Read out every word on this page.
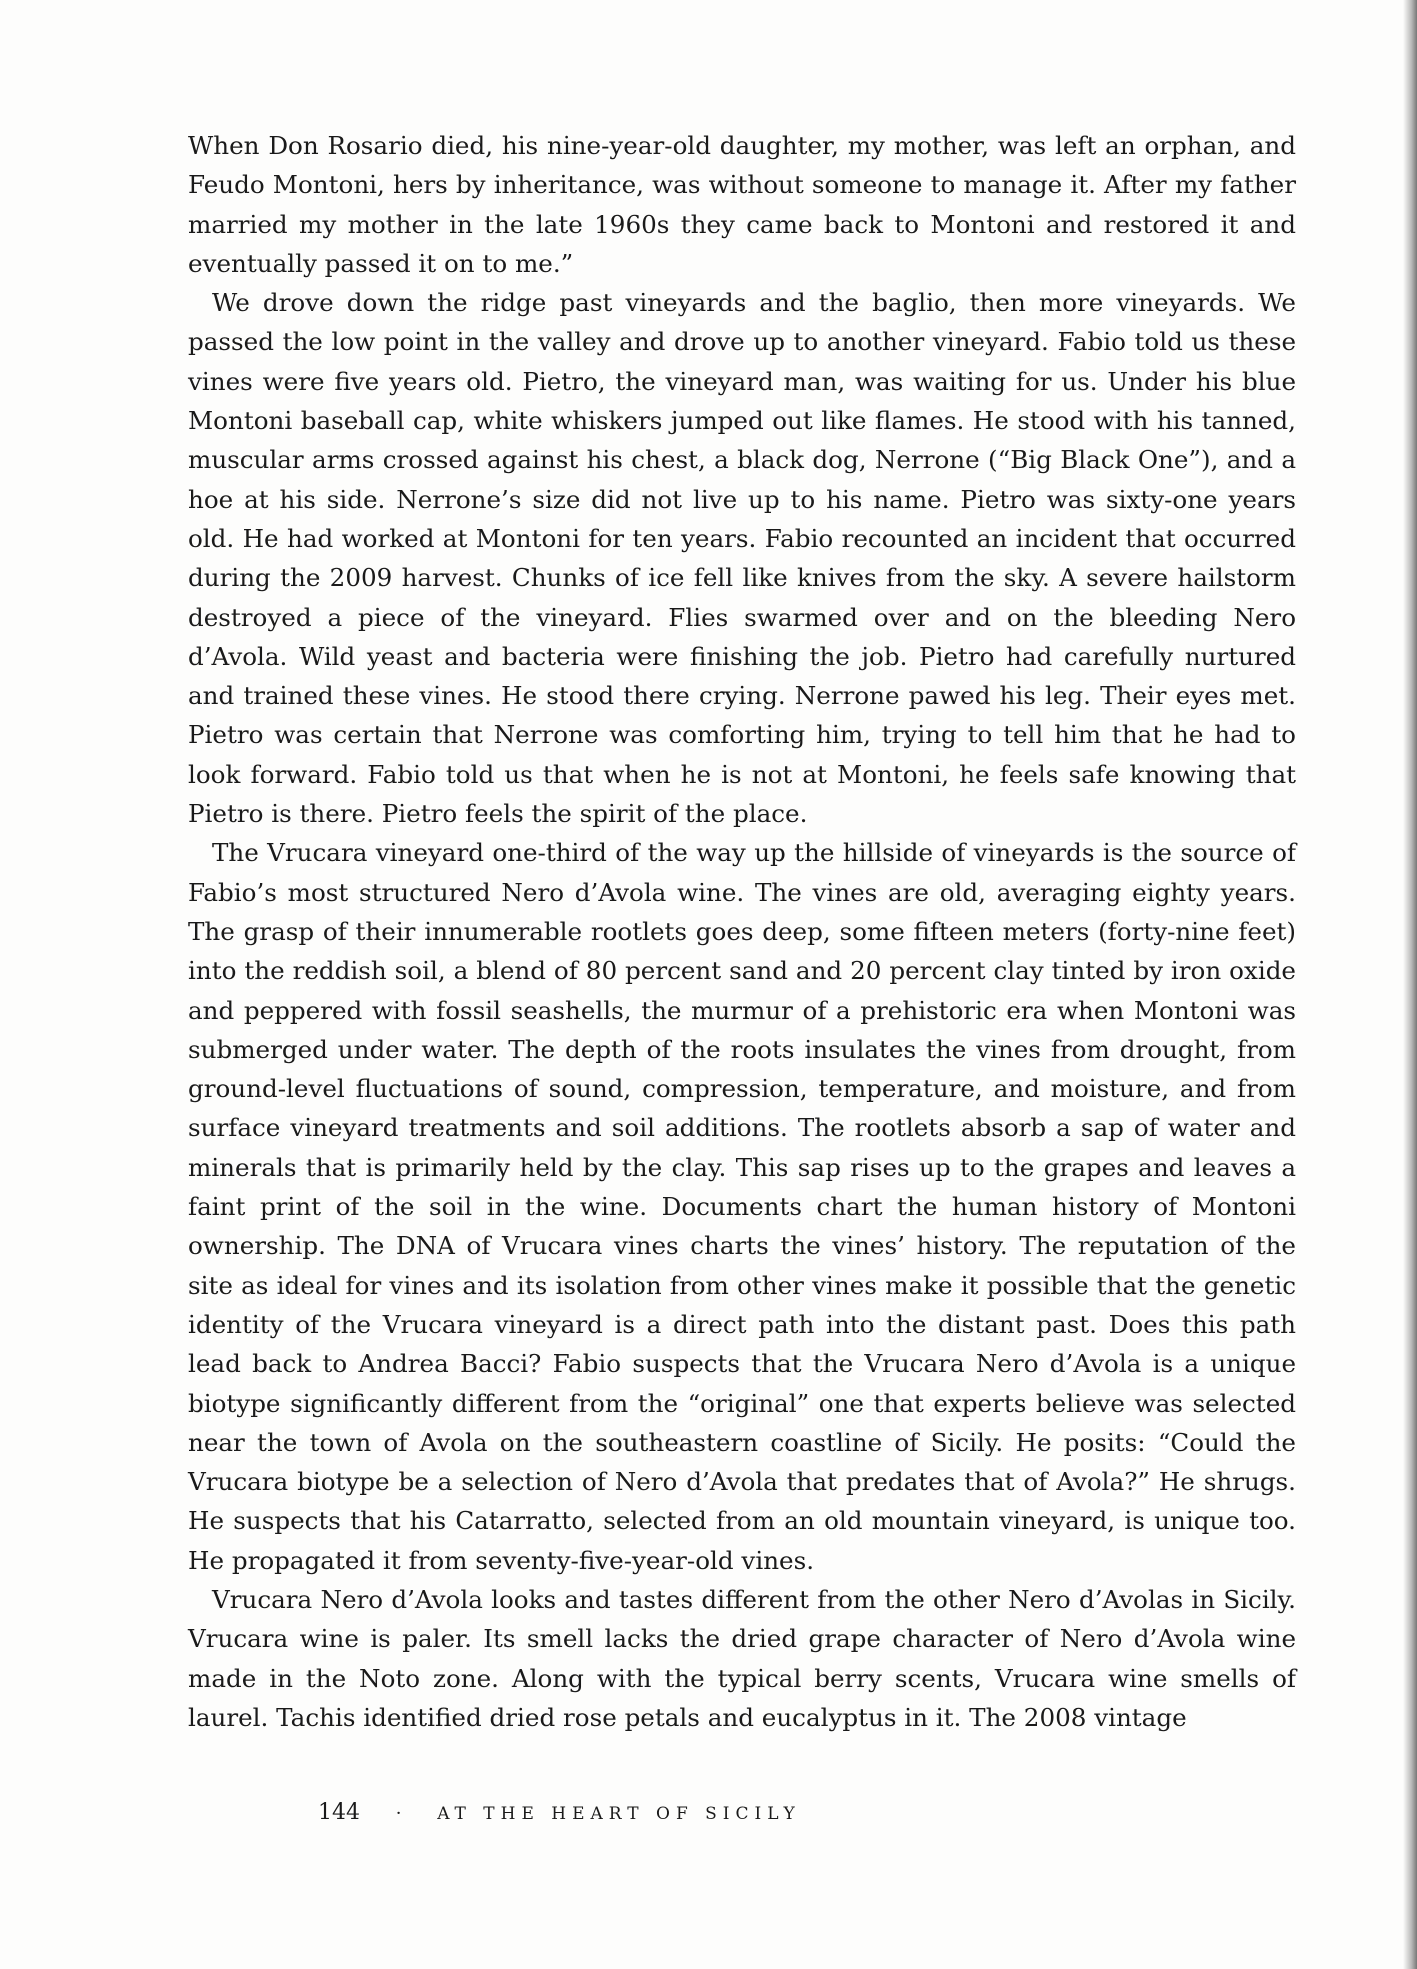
When Don Rosario died, his nine-year-old daughter, my mother, was left an orphan, and Feudo Montoni, hers by inheritance, was without someone to manage it. After my father married my mother in the late 1960s they came back to Montoni and restored it and eventually passed it on to me.”

We drove down the ridge past vineyards and the baglio, then more vineyards. We passed the low point in the valley and drove up to another vineyard. Fabio told us these vines were five years old. Pietro, the vineyard man, was waiting for us. Under his blue Montoni baseball cap, white whiskers jumped out like flames. He stood with his tanned, muscular arms crossed against his chest, a black dog, Nerrone (“Big Black One”), and a hoe at his side. Nerrone’s size did not live up to his name. Pietro was sixty-one years old. He had worked at Montoni for ten years. Fabio recounted an incident that occurred during the 2009 harvest. Chunks of ice fell like knives from the sky. A severe hailstorm destroyed a piece of the vineyard. Flies swarmed over and on the bleeding Nero d’Avola. Wild yeast and bacteria were finishing the job. Pietro had carefully nurtured and trained these vines. He stood there crying. Nerrone pawed his leg. Their eyes met. Pietro was certain that Nerrone was comforting him, trying to tell him that he had to look forward. Fabio told us that when he is not at Montoni, he feels safe knowing that Pietro is there. Pietro feels the spirit of the place.

The Vrucara vineyard one-third of the way up the hillside of vineyards is the source of Fabio’s most structured Nero d’Avola wine. The vines are old, averaging eighty years. The grasp of their innumerable rootlets goes deep, some fifteen meters (forty-nine feet) into the reddish soil, a blend of 80 percent sand and 20 percent clay tinted by iron oxide and peppered with fossil seashells, the murmur of a prehistoric era when Montoni was submerged under water. The depth of the roots insulates the vines from drought, from ground-level fluctuations of sound, compression, temperature, and moisture, and from surface vineyard treatments and soil additions. The rootlets absorb a sap of water and minerals that is primarily held by the clay. This sap rises up to the grapes and leaves a faint print of the soil in the wine. Documents chart the human history of Montoni ownership. The DNA of Vrucara vines charts the vines’ history. The reputation of the site as ideal for vines and its isolation from other vines make it possible that the genetic identity of the Vrucara vineyard is a direct path into the distant past. Does this path lead back to Andrea Bacci? Fabio suspects that the Vrucara Nero d’Avola is a unique biotype significantly different from the “original” one that experts believe was selected near the town of Avola on the southeastern coastline of Sicily. He posits: “Could the Vrucara biotype be a selection of Nero d’Avola that predates that of Avola?” He shrugs. He suspects that his Catarratto, selected from an old mountain vineyard, is unique too. He propagated it from seventy-five-year-old vines.

Vrucara Nero d’Avola looks and tastes different from the other Nero d’Avolas in Sicily. Vrucara wine is paler. Its smell lacks the dried grape character of Nero d’Avola wine made in the Noto zone. Along with the typical berry scents, Vrucara wine smells of laurel. Tachis identified dried rose petals and eucalyptus in it. The 2008 vintage

144 · AT THE HEART OF SICILY
